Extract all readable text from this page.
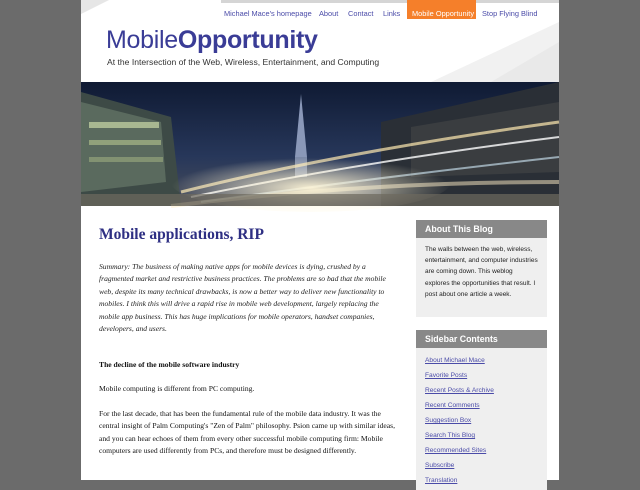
Michael Mace's homepage About Contact Links	Mobile Opportunity Stop Flying Blind
MobileOpportunity
At the Intersection of the Web, Wireless, Entertainment, and Computing
Mobile applications, RIP

Summary: The business of making native apps for mobile devices is dying, crushed by a fragmented market and restrictive business practices. The problems are so bad that the mobile web, despite its many technical drawbacks, is now a better way to deliver new functionality to mobiles. I think this will drive a rapid rise in mobile web development, largely replacing the mobile app business. This has huge implications for mobile operators, handset companies, developers, and users.

The decline of the mobile software industry

Mobile computing is different from PC computing.

For the last decade, that has been the fundamental rule of the mobile data industry. It was the central insight of Palm Computing's "Zen of Palm" philosophy. Psion came up with similar ideas, and you can hear echoes of them from every other successful mobile computing firm: Mobile computers are used differently from PCs, and therefore must be designed differently.

About This Blog

The walls between the web, wireless, entertainment, and computer industries are coming down. This weblog explores the opportunities that result. I post about one article a week.

Sidebar Contents
About Michael Mace
Favorite Posts
Recent Posts & Archive
Recent Comments
Suggestion Box
Search This Blog
Recommended Sites
Subscribe
Translation
